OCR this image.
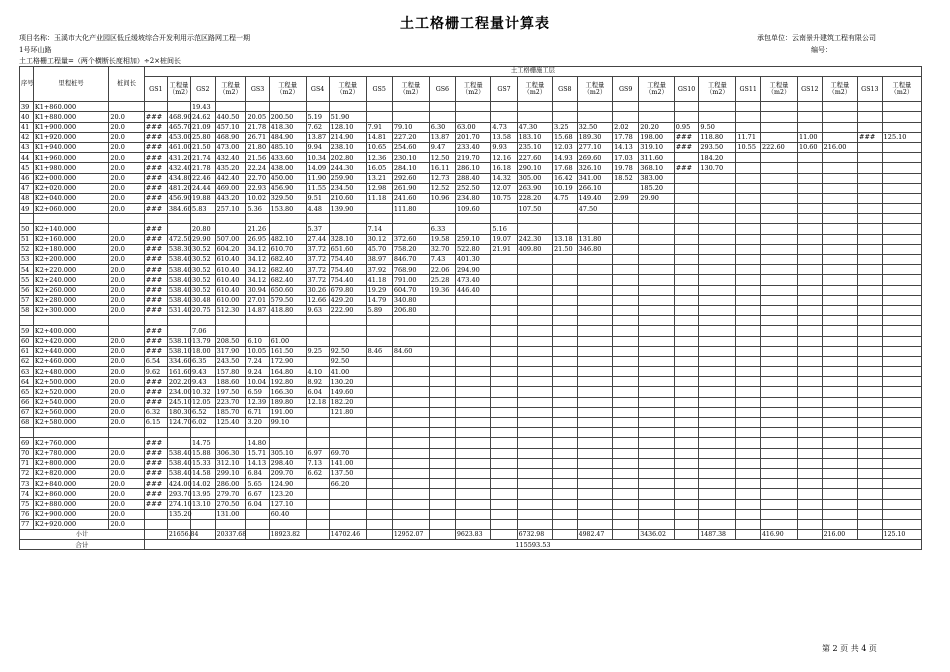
土工格栅工程量计算表
项目名称：玉溪市大化产业园区低丘缓坡综合开发利用示范区路网工程一期	承包单位：云南景升建筑工程有限公司
1号环山路	编号：
土工格栅工程量=（两个横断长度相加）÷2×桩间长
序号	里程桩号	桩间长	土工格栅施工层																									
			GS1	工程量（m2）	GS2	工程量（m2）	GS3	工程量（m2）	GS4	工程量（m2）	GS5	工程量（m2）	GS6	工程量（m2）	GS7	工程量（m2）	GS8	工程量（m2）	GS9	工程量（m2）	GS10	工程量（m2）	GS11	工程量（m2）	GS12	工程量（m2）	GS13	工程量（m2）
39	K1+860.000				19.43																							
40	K1+880.000	20.0	###	468.90	24.62	440.50	20.05	200.50	5.19	51.90																		
41	K1+900.000	20.0	###	465.70	21.09	457.10	21.78	418.30	7.62	128.10	7.91	79.10	6.30	63.00	4.73	47.30	3.25	32.50	2.02	20.20	0.95	9.50						
42	K1+920.000	20.0	###	453.00	25.80	468.90	26.71	484.90	13.87	214.90	14.81	227.20	13.87	201.70	13.58	183.10	15.68	189.30	17.78	198.00	###	118.80	11.71		11.00		###	125.10
43	K1+940.000	20.0	###	461.00	21.50	473.00	21.80	485.10	9.94	238.10	10.65	254.60	9.47	233.40	9.93	235.10	12.03	277.10	14.13	319.10	###	293.50	10.55	222.60	10.60	216.00		
44	K1+960.000	20.0	###	431.20	21.74	432.40	21.56	433.60	10.34	202.80	12.36	230.10	12.50	219.70	12.16	227.60	14.93	269.60	17.03	311.60		184.20						
45	K1+980.000	20.0	###	432.40	21.78	435.20	22.24	438.00	14.09	244.30	16.05	284.10	16.11	286.10	16.18	290.10	17.68	326.10	19.78	368.10	###	130.70						
46	K2+000.000	20.0	###	434.80	22.46	442.40	22.70	450.00	11.90	259.90	13.21	292.60	12.73	288.40	14.32	305.00	16.42	341.00	18.52	383.00								
47	K2+020.000	20.0	###	481.20	24.44	469.00	22.93	456.90	11.55	234.50	12.98	261.90	12.52	252.50	12.07	263.90	10.19	266.10		185.20								
48	K2+040.000	20.0	###	456.90	19.88	443.20	10.02	329.50	9.51	210.60	11.18	241.60	10.96	234.80	10.75	228.20	4.75	149.40	2.99	29.90								
49	K2+060.000	20.0	###	384.60	5.83	257.10	5.36	153.80	4.48	139.90		111.80		109.60		107.50		47.50										

50	K2+140.000		###		20.80		21.26		5.37		7.14		6.33		5.16													
51	K2+160.000	20.0	###	472.50	29.90	507.00	26.95	482.10	27.44	328.10	30.12	372.60	19.58	259.10	19.07	242.30	13.18	131.80										
52	K2+180.000	20.0	###	538.30	30.52	604.20	34.12	610.70	37.72	651.60	45.70	758.20	32.70	522.80	21.91	409.80	21.50	346.80										
53	K2+200.000	20.0	###	538.40	30.52	610.40	34.12	682.40	37.72	754.40	38.97	846.70	7.43	401.30														
54	K2+220.000	20.0	###	538.40	30.52	610.40	34.12	682.40	37.72	754.40	37.92	768.90	22.06	294.90														
55	K2+240.000	20.0	###	538.40	30.52	610.40	34.12	682.40	37.72	754.40	41.18	791.00	25.28	473.40														
56	K2+260.000	20.0	###	538.40	30.52	610.40	30.94	650.60	30.26	679.80	19.29	604.70	19.36	446.40														
57	K2+280.000	20.0	###	538.40	30.48	610.00	27.01	579.50	12.66	429.20	14.79	340.80																
58	K2+300.000	20.0	###	531.40	20.75	512.30	14.87	418.80	9.63	222.90	5.89	206.80																

59	K2+400.000		###		7.06																							
60	K2+420.000	20.0	###	538.10	13.79	208.50	6.10	61.00																				
61	K2+440.000	20.0	###	538.10	18.00	317.90	10.05	161.50	9.25	92.50	8.46	84.60																
62	K2+460.000	20.0	6.54	334.60	6.35	243.50	7.24	172.90		92.50																		
63	K2+480.000	20.0	9.62	161.60	9.43	157.80	9.24	164.80	4.10	41.00																		
64	K2+500.000	20.0	###	202.20	9.43	188.60	10.04	192.80	8.92	130.20																		
65	K2+520.000	20.0	###	234.00	10.32	197.50	6.59	166.30	6.04	149.60																		
66	K2+540.000	20.0	###	245.10	12.05	223.70	12.39	189.80	12.18	182.20																		
67	K2+560.000	20.0	6.32	180.30	6.52	185.70	6.71	191.00		121.80																		
68	K2+580.000	20.0	6.15	124.70	6.02	125.40	3.20	99.10																				

69	K2+760.000		###		14.75		14.80																					
70	K2+780.000	20.0	###	538.40	15.88	306.30	15.71	305.10	6.97	69.70																		
71	K2+800.000	20.0	###	538.40	15.33	312.10	14.13	298.40	7.13	141.00																		
72	K2+820.000	20.0	###	538.40	14.58	299.10	6.84	209.70	6.62	137.50																		
73	K2+840.000	20.0	###	424.00	14.02	286.00	5.65	124.90		66.20																		
74	K2+860.000	20.0	###	293.70	13.95	279.70	6.67	123.20																				
75	K2+880.000	20.0	###	274.10	13.10	270.50	6.04	127.10																				
76	K2+900.000	20.0		135.20		131.00		60.40																				
77	K2+920.000	20.0																										
小计				21656.84		20337.68		18923.82		14702.46		12952.07		9623.83		6732.98		4982.47		3436.02		1487.38		416.90		216.00		125.10
合计			115593.53																									
第 2 页 共 4 页
